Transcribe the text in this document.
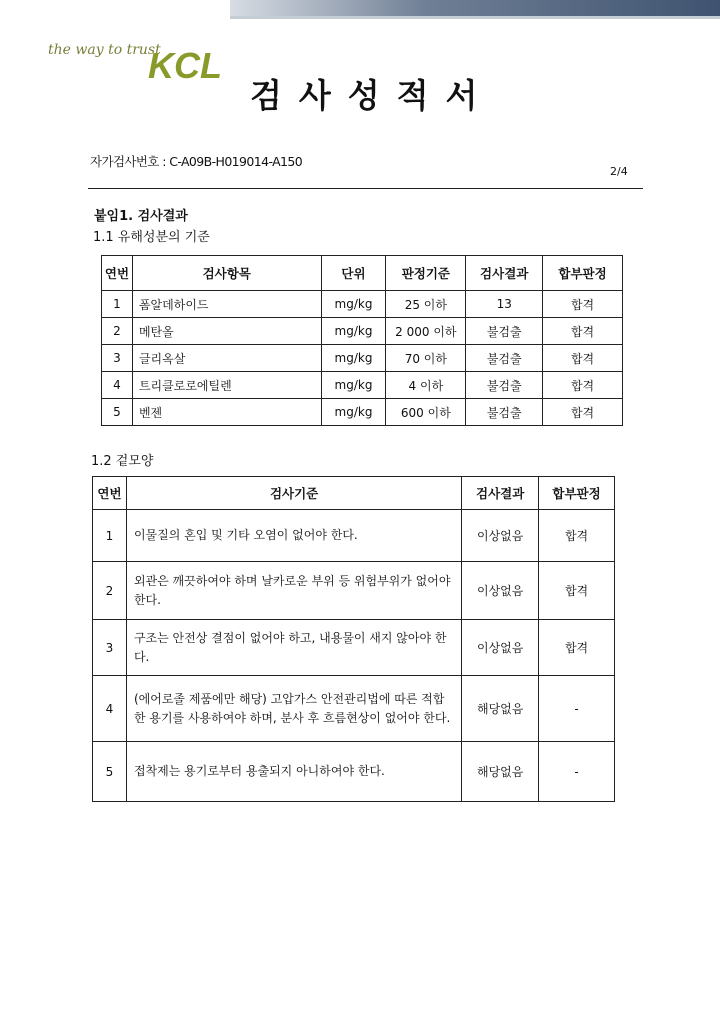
the way to trust
KCL
검사성적서
자가검사번호 : C-A09B-H019014-A150
2/4
붙임1. 검사결과
1.1 유해성분의 기준
연번	검사항목	단위	판정기준	검사결과	합부판정
1	폼알데하이드	mg/kg	25 이하	13	합격
2	메탄올	mg/kg	2 000 이하	불검출	합격
3	글리옥살	mg/kg	70 이하	불검출	합격
4	트리클로로에틸렌	mg/kg	4 이하	불검출	합격
5	벤젠	mg/kg	600 이하	불검출	합격
1.2 겉모양
연번	검사기준	검사결과	합부판정
1	이물질의 혼입 및 기타 오염이 없어야 한다.	이상없음	합격
2	외관은 깨끗하여야 하며 날카로운 부위 등 위험부위가 없어야 한다.	이상없음	합격
3	구조는 안전상 결점이 없어야 하고, 내용물이 새지 않아야 한다.	이상없음	합격
4	(에어로졸 제품에만 해당) 고압가스 안전관리법에 따른 적합한 용기를 사용하여야 하며, 분사 후 흐름현상이 없어야 한다.	해당없음	-
5	접착제는 용기로부터 용출되지 아니하여야 한다.	해당없음	-
